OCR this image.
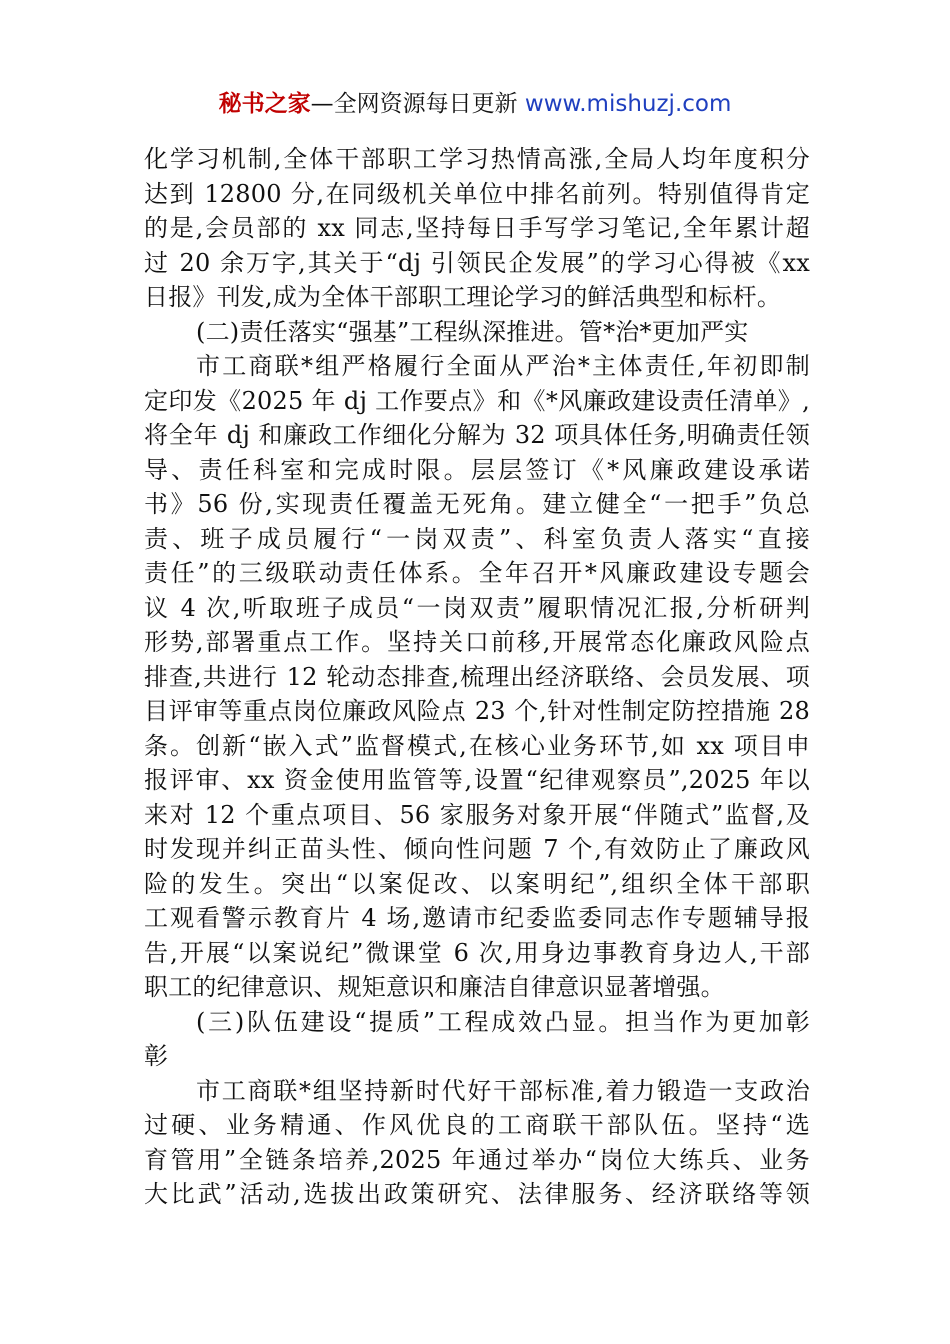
秘书之家—全网资源每日更新 www.mishuzj.com
化学习机制,全体干部职工学习热情高涨,全局人均年度积分
达到 12800 分,在同级机关单位中排名前列。特别值得肯定
的是,会员部的 xx 同志,坚持每日手写学习笔记,全年累计超
过 20 余万字,其关于“dj 引领民企发展”的学习心得被《xx
日报》刊发,成为全体干部职工理论学习的鲜活典型和标杆。
(二)责任落实“强基”工程纵深推进。管*治*更加严实
市工商联*组严格履行全面从严治*主体责任,年初即制
定印发《2025 年 dj 工作要点》和《*风廉政建设责任清单》,
将全年 dj 和廉政工作细化分解为 32 项具体任务,明确责任领
导、责任科室和完成时限。层层签订《*风廉政建设承诺
书》56 份,实现责任覆盖无死角。建立健全“一把手”负总
责、班子成员履行“一岗双责”、科室负责人落实“直接
责任”的三级联动责任体系。全年召开*风廉政建设专题会
议 4 次,听取班子成员“一岗双责”履职情况汇报,分析研判
形势,部署重点工作。坚持关口前移,开展常态化廉政风险点
排查,共进行 12 轮动态排查,梳理出经济联络、会员发展、项
目评审等重点岗位廉政风险点 23 个,针对性制定防控措施 28
条。创新“嵌入式”监督模式,在核心业务环节,如 xx 项目申
报评审、xx 资金使用监管等,设置“纪律观察员”,2025 年以
来对 12 个重点项目、56 家服务对象开展“伴随式”监督,及
时发现并纠正苗头性、倾向性问题 7 个,有效防止了廉政风
险的发生。突出“以案促改、以案明纪”,组织全体干部职
工观看警示教育片 4 场,邀请市纪委监委同志作专题辅导报
告,开展“以案说纪”微课堂 6 次,用身边事教育身边人,干部
职工的纪律意识、规矩意识和廉洁自律意识显著增强。
(三)队伍建设“提质”工程成效凸显。担当作为更加彰
彰
市工商联*组坚持新时代好干部标准,着力锻造一支政治
过硬、业务精通、作风优良的工商联干部队伍。坚持“选
育管用”全链条培养,2025 年通过举办“岗位大练兵、业务
大比武”活动,选拔出政策研究、法律服务、经济联络等领
